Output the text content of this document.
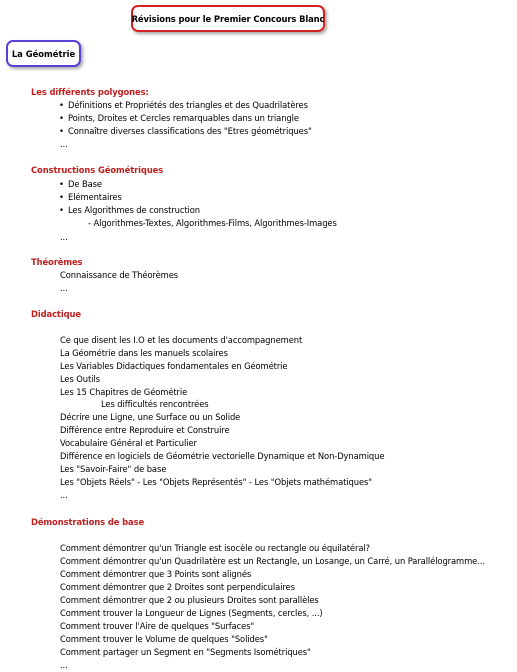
Révisions pour le Premier Concours Blanc
La Géométrie
Les différents polygones:
• Définitions et Propriétés des triangles et des Quadrilatères
• Points, Droites et Cercles remarquables dans un triangle
• Connaître diverses classifications des "Etres géométriques"
...
Constructions Géométriques
• De Base
• Elémentaires
• Les Algorithmes de construction
- Algorithmes-Textes, Algorithmes-Films, Algorithmes-Images
...
Théorèmes
Connaissance de Théorèmes
...
Didactique
Ce que disent les I.O et les documents d'accompagnement
La Géométrie dans les manuels scolaires
Les Variables Didactiques fondamentales en Géométrie
Les Outils
Les 15 Chapitres de Géométrie
Les difficultés rencontrées
Décrire une Ligne, une Surface ou un Solide
Différence entre Reproduire et Construire
Vocabulaire Général et Particulier
Différence en logiciels de Géométrie vectorielle Dynamique et Non-Dynamique
Les "Savoir-Faire" de base
Les "Objets Réels" - Les "Objets Représentés" - Les "Objets mathématiques"
...
Démonstrations de base
Comment démontrer qu'un Triangle est isocèle ou rectangle ou équilatéral?
Comment démontrer qu'un Quadrilatère est un Rectangle, un Losange, un Carré, un Parallélogramme...
Comment démontrer que 3 Points sont alignés
Comment démontrer que 2 Droites sont perpendiculaires
Comment démontrer que 2 ou plusieurs Droites sont parallèles
Comment trouver la Longueur de Lignes (Segments, cercles, ...)
Comment trouver l'Aire de quelques "Surfaces"
Comment trouver le Volume de quelques "Solides"
Comment partager un Segment en "Segments Isométriques"
...
